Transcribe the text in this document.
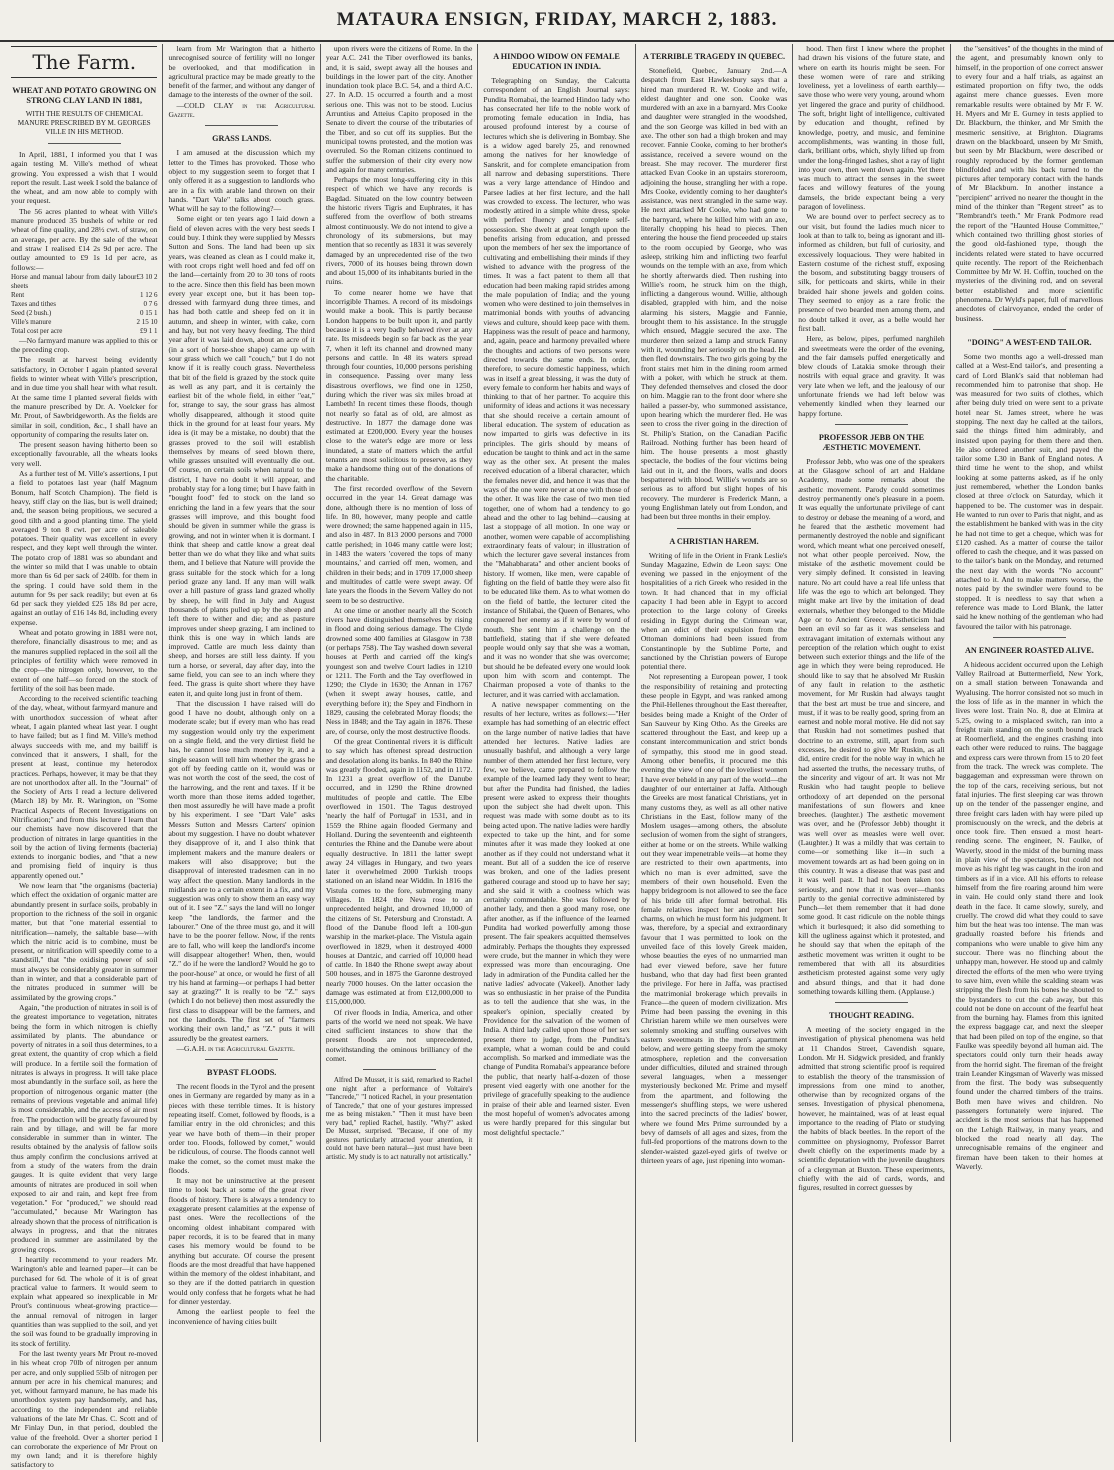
MATAURA ENSIGN, FRIDAY, MARCH 2, 1883.
The Farm.
WHEAT AND POTATO GROWING ON STRONG CLAY LAND IN 1881,
WITH THE RESULTS OF CHEMICAL MANURE PRESCRIBED BY M. GEORGES VILLE IN HIS METHOD.

In April, 1881, I informed you that I was again testing M. Ville's method of wheat growing. You expressed a wish that I would report the result. Last week I sold the balance of the wheat, and am now able to comply with your request.

The 56 acres planted to wheat with Ville's manure produced 35 bushels of white or red wheat of fine quality, and 28½ cwt. of straw, on an average, per acre. By the sale of the wheat and straw I realised £14 2s 9d per acre. The outlay amounted to £9 1s 1d per acre, as follows:—

Horse and manual labour from daily labour sheets
£3 10 2
Rent	1 12 6
Taxes and tithes	0 7 6
Seed (2 bush.)	0 15 1
Ville's manure	2 15 10
Total cost per acre	£9 1 1

—No farmyard manure was applied to this or the preceding crop.

The result at harvest being evidently satisfactory, in October I again planted several fields to winter wheat with Ville's prescription, and in due time you shall hear with what result. At the same time I planted several fields with the manure prescribed by Dr. A. Voelcker for Mr. Prout, of Sawbridgeworth. As the fields are similar in soil, condition, &c., I shall have an opportunity of comparing the results later on.

The present season having hitherto been so exceptionally favourable, all the wheats looks very well.

As a further test of M. Ville's assertions, I put a field to potatoes last year (half Magnum Bonum, half Scotch Champion). The field is heavy, stiff clay on the lias, but is well drained; and, the season being propitious, we secured a good tilth and a good planting time. The yield averaged 9 ton 8 cwt. per acre of saleable potatoes. Their quality was excellent in every respect, and they kept well through the winter. The potato crop of 1881 was so abundant and the winter so mild that I was unable to obtain more than 6s 6d per sack of 240lb. for them in the spring. I could have sold them in the autumn for 9s per sack readily; but even at 6s 6d per sack they yielded £25 18s 8d per acre, against an outlay of £16 14s 8d, including every expense.

Wheat and potato growing in 1881 were not, therefore, financially disastrous to me; and as the manures supplied replaced in the soil all the principles of fertility which were removed in the crop—the nitrogen only, however, to the extent of one half—so forced on the stock of fertility of the soil has been made.

According to the received scientific teaching of the day, wheat, without farmyard manure and with unorthodox succession of wheat after wheat, I again planted wheat last year. I ought to have failed; but as I find M. Ville's method always succeeds with me, and my bailiff is convinced that it answers, I shall, for the present at least, continue my heterodox practices. Perhaps, however, it may be that they are not unorthodox after all. In the "Journal" of the Society of Arts I read a lecture delivered (March 18) by Mr. R. Warington, on "Some Practical Aspects of Recent Investigations on Nitrification;" and from this lecture I learn that our chemists have now discovered that the production of nitrates in large quantities in the soil by the action of living ferments (bacteria) extends to inorganic bodies, and "that a new and promising field of inquiry is thus apparently opened out."

We now learn that "the organisms (bacteria) which effect the oxidation of organic matter are abundantly present in surface soils, probably in proportion to the richness of the soil in organic matter, but that "one material essential to nitrification—namely, the saltable base—with which the nitric acid is to combine, must be present, or nitrification will speedily come to a standstill," that "the oxidising power of soil must always be considerably greater in summer than in winter, and that a considerable part of the nitrates produced in summer will be assimilated by the growing crops."

Again, "the production of nitrates in soil is of the greatest importance to vegetation, nitrates being the form in which nitrogen is chiefly assimilated by plants. The abundance or poverty of nitrates in a soil thus determines, to a great extent, the quantity of crop which a field will produce. In a fertile soil the formation of nitrates is always in progress. It will take place most abundantly in the surface soil, as here the proportion of nitrogenous organic matter (the remains of previous vegetable and animal life) is most considerable, and the access of air most free. The production will be greatly favoured by rain and by tillage, and will be far more considerable in summer than in winter. The results obtained by the analysis of fallow soils thus amply confirm the conclusions arrived at from a study of the waters from the drain gauges. It is quite evident that very large amounts of nitrates are produced in soil when exposed to air and rain, and kept free from vegetation." For "produced," we should read "accumulated," because Mr Warington has already shown that the process of nitrification is always in progress, and that the nitrates produced in summer are assimilated by the growing crops.

I heartily recommend to your readers Mr. Warington's able and learned paper—it can be purchased for 6d. The whole of it is of great practical value to farmers. It would seem to explain what appeared so inexplicable in Mr Prout's continuous wheat-growing practice—the annual removal of nitrogen in larger quantities than was supplied to the soil, and yet the soil was found to be gradually improving in its stock of fertility.

For the last twenty years Mr Prout re-moved in his wheat crop 70lb of nitrogen per annum per acre, and only supplied 55lb of nitrogen per annum per acre in his chemical manures; and yet, without farmyard manure, he has made his unorthodox system pay handsomely, and has, according to the independent and reliable valuations of the late Mr Chas. C. Scott and of Mr Finlay Dun, in that period, doubled the value of the freehold. Over a shorter period I can corroborate the experience of Mr Prout on my own land; and it is therefore highly satisfactory to

learn from Mr Warington that a hitherto unrecognised source of fertility will no longer be overlooked, and that modification in agricultural practice may be made greatly to the benefit of the farmer, and without any danger of damage to the interests of the owner of the soil.

—COLD CLAY in the Agricultural Gazette.

GRASS LANDS.

I am amused at the discussion which my letter to the Times has provoked. Those who object to my suggestion seem to forget that I only offered it as a suggestion to landlords who are in a fix with arable land thrown on their hands. "Dart Vale" talks about couch grass. What will he say to the following?—

Some eight or ten years ago I laid down a field of eleven acres with the very best seeds I could buy. I think they were supplied by Messrs Sutton and Sons. The land had been up six years, was cleaned as clean as I could make it, with root crops right well hoed and fed off on the land—certainly from 20 to 30 tons of roots to the acre. Since then this field has been mown every year except one, but it has been top-dressed with farmyard dung three times, and has had both cattle and sheep fed on it in autumn, and sheep in winter, with cake, corn and hay, but not very heavy feeding. The third year after it was laid down, about an acre of it (in a sort of horse-shoe shape) came up with sour grass which we call "couch," but I do not know if it is really couch grass. Nevertheless that bit of the field is grazed by the stock quite as well as any part, and it is certainly the earliest bit of the whole field, in either "eat," for, strange to say, the sour grass has almost wholly disappeared, although it stood quite thick in the ground for at least four years. My idea is (it may be a mistake, no doubt) that the grasses proved to the soil will establish themselves by means of seed blown there, while grasses unsuited will eventually die out. Of course, on certain soils when natural to the district, I have no doubt it will appear, and probably stay for a long time; but I have faith in "bought food" fed to stock on the land so enriching the land in a few years that the sour grasses will improve, and this bought food should be given in summer while the grass is growing, and not in winter when it is dormant. I think that sheep and cattle know a great deal better than we do what they like and what suits them, and I believe that Nature will provide the grass suitable for the stock which for a long period graze any land. If any man will walk over a hill pasture of grass land grazed wholly by sheep, he will find in July and August thousands of plants pulled up by the sheep and left there to wither and die; and as pasture improves under sheep grazing, I am inclined to think this is one way in which lands are improved. Cattle are much less dainty than sheep, and horses are still less dainty. If you turn a horse, or several, day after day, into the same field, you can see to an inch where they feed. The grass is quite short where they have eaten it, and quite long just in front of them.

That the discussion I have raised will do good I have no doubt, although only on a moderate scale; but if every man who has read my suggestion would only try the experiment on a single field, and the very dirtiest field he has, he cannot lose much money by it, and a single season will tell him whether the grass he got off by feeding cattle on it, would was or was not worth the cost of the seed, the cost of the harrowing, and the rent and taxes. If it be worth more than those items added together, then most assuredly he will have made a profit by his experiment. I see "Dart Vale" asks Messrs Sutton and Messrs Carters' opinion about my suggestion. I have no doubt whatever they disapprove of it, and I also think that implement makers and the manure dealers or makers will also disapprove; but the disapproval of interested tradesmen can in no way affect the question. Many landlords in the midlands are to a certain extent in a fix, and my suggestion was only to show them an easy way out of it. I see "Z." says the land will no longer keep "the landlords, the farmer and the labourer." One of the three must go, and it will have to be the poorer fellow. Now, if the rents are to fall, who will keep the landlord's income will disappear altogether! When, then, would "Z." do if he were the landlord? Would he go to the poor-house" at once, or would he first of all try his hand at farming—or perhaps I had better say at grazing?" It is really to be "Z." says (which I do not believe) then most assuredly the first class to disappear will be the farmers, and not the landlords. The first set of "farmers working their own land," as "Z." puts it will assuredly be the greatest earners.

—G.A.H. in the Agricultural Gazette.

BYPAST FLOODS.

The recent floods in the Tyrol and the present ones in Germany are regarded by many as in a pieces with these terrible times. It is history repeating itself. Comet, followed by floods, is a familiar entry in the old chronicles; and this year we have both of them—in their proper order too. Floods, followed by comet," would be ridiculous, of course. The floods cannot well make the comet, so the comet must make the floods.

It may not be uninstructive at the present time to look back at some of the great river floods of history. There is always a tendency to exaggerate present calamities at the expense of past ones. Were the recollections of the oncoming oldest inhabitant compared with paper records, it is to be feared that in many cases his memory would be found to be anything but accurate. Of course the present floods are the most dreadful that have happened within the memory of the oldest inhabitant, and so they are if the dotted patriarch in question would only confess that he forgets what he had for dinner yesterday.

Among the earliest people to feel the inconvenience of having cities built

upon rivers were the citizens of Rome. In the year A.C. 241 the Tiber overflowed its banks, and, it is said, swept away all the houses and buildings in the lower part of the city. Another inundation took place B.C. 54, and a third A.C. 27. In A.D. 15 occurred a fourth and a most serious one. This was not to be stood. Lucius Arruntius and Atteius Capito proposed in the Senate to divert the course of the tributaries of the Tiber, and so cut off its supplies. But the municipal towns protested, and the motion was overruled. So the Roman citizens continued to suffer the submersion of their city every now and again for many centuries.

Perhaps the most long-suffering city in this respect of which we have any records is Bagdad. Situated on the low country between the historic rivers Tigris and Euphrates, it has suffered from the overflow of both streams almost continuously. We do not intend to give a chronology of its submersions, but may mention that so recently as 1831 it was severely damaged by an unprecedented rise of the two rivers, 7000 of its houses being thrown down and about 15,000 of its inhabitants buried in the ruins.

To come nearer home we have that incorrigible Thames. A record of its misdoings would make a book. This is partly because London happens to be built upon it, and partly because it is a very badly behaved river at any rate. Its misdeeds begin so far back as the year 7, when it left its channel and drowned many persons and cattle. In 48 its waters spread through four counties, 10,000 persons perishing in consequence. Passing over many less disastrous overflows, we find one in 1250, during which the river was six miles broad at Lambeth! In recent times these floods, though not nearly so fatal as of old, are almost as destructive. In 1877 the damage done was estimated at £200,000. Every year the houses close to the water's edge are more or less inundated, a state of matters which the artful tenants are most solicitous to preserve, as they make a handsome thing out of the donations of the charitable.

The first recorded overflow of the Severn occurred in the year 14. Great damage was done, although there is no mention of loss of life. In 80, however, many people and cattle were drowned; the same happened again in 115, and also in 487. In 813 2000 persons and 7000 cattle perished; in 1046 many cattle were lost; in 1483 the waters 'covered the tops of many mountains,' and carried off men, women, and children in their beds; and in 1709 17,000 sheep and multitudes of cattle were swept away. Of late years the floods in the Severn Valley do not seem to be so destructive.

At one time or another nearly all the Scotch rivers have distinguished themselves by rising in flood and doing serious damage. The Clyde drowned some 400 families at Glasgow in 738 (or perhaps 758). The Tay washed down several houses at Perth and carried off the king's youngest son and twelve Court ladies in 1210 or 1211. The Forth and the Tay overflowed in 1290; the Clyde in 1630; the Annan in 1767 (when it swept away houses, cattle, and everything before it); the Spey and Findhorn in 1829, causing the celebrated Moray floods; the Ness in 1848; and the Tay again in 1876. These are, of course, only the most destructive floods.

Of the great Continental rivers it is difficult to say which has oftenest spread destruction and desolation along its banks. In 840 the Rhine was greatly flooded, again in 1152, and in 1172. In 1231 a great overflow of the Danube occurred, and in 1290 the Rhine drowned multitudes of people and cattle. The Elbe overflowed in 1501. The Tagus destroyed 'nearly the half of Portugal' in 1531, and in 1559 the Rhine again flooded Germany and Holland. During the seventeenth and eighteenth centuries the Rhine and the Danube were about equally destructive. In 1811 the latter swept away 24 villages in Hungary, and two years later it overwhelmed 2000 Turkish troops stationed on an island near Widdin. In 1816 the Vistula comes to the fore, submerging many villages. In 1824 the Neva rose to an unprecedented height, and drowned 10,000 of the citizens of St. Petersburg and Cronstadt. A flood of the Danube flood left a 100-gun warship in the market-place. The Vistula again overflowed in 1829, when it destroyed 4000 houses at Dantzic, and carried off 10,000 head of cattle. In 1840 the Rhone swept away about 500 houses, and in 1875 the Garonne destroyed nearly 7000 houses. On the latter occasion the damage was estimated at from £12,000,000 to £15,000,000.

Of river floods in India, America, and other parts of the world we need not speak. We have cited sufficient instances to show that the present floods are not unprecedented, notwithstanding the ominous brilliancy of the comet.

Alfred De Musset, it is said, remarked to Rachel one night after a performance of Voltaire's "Tancrede," "I noticed Rachel, in your presentation of Tancrede," that one of your gestures impressed me as being mistaken." "Then it must have been very bad," replied Rachel, hastily. "Why?" asked De Musset, surprised. "Because, if one of my gestures particularly attracted your attention, it could not have been natural—just must have been artistic. My study is to act naturally not artistically."

A HINDOO WIDOW ON FEMALE EDUCATION IN INDIA.

Telegraphing on Sunday, the Calcutta correspondent of an English Journal says: Pundita Romabai, the learned Hindoo lady who has consecrated her life to the noble work of promoting female education in India, has aroused profound interest by a course of lectures which she is delivering in Bombay. She is a widow aged barely 25, and renowned among the natives for her knowledge of Sanskrit, and for complete emancipation from all narrow and debasing superstitions. There was a very large attendance of Hindoo and Parsee ladies at her first lecture, and the hall was crowded to excess. The lecturer, who was modestly attired in a simple white dress, spoke with perfect fluency and complete self-possession. She dwelt at great length upon the benefits arising from education, and pressed upon the members of her sex the importance of cultivating and embellishing their minds if they wished to advance with the progress of the times. It was a fact patent to them all that education had been making rapid strides among the male population of India; and the young women who were destined to join themselves in matrimonial bonds with youths of advancing views and culture, should keep pace with them. Happiness was the result of peace and harmony, and, again, peace and harmony prevailed where the thoughts and actions of two persons were directed towards the same ends. In order, therefore, to secure domestic happiness, which was in itself a great blessing, it was the duty of every female to conform her habits and ways of thinking to that of her partner. To acquire this uniformity of ideas and actions it was necessary that she should receive a certain amount of liberal education. The system of education as now imparted to girls was defective in its principles. The girls should by means of education be taught to think and act in the same way as the other sex. At present the males received education of a liberal character, which the females never did, and hence it was that the ways of the one were never at one with those of the other. It was like the case of two men tied together, one of whom had a tendency to go ahead and the other to lag behind—causing at last a stoppage of all motion. In one way or another, women were capable of accomplishing extraordinary feats of valour; in illustration of which the lecturer gave several instances from the "Mahabharata" and other ancient books of history. If women, like men, were capable of fighting on the field of battle they were also fit to be educated like them. As to what women do on the field of battle, the lecturer cited the instance of Shilabai, the Queen of Benares, who conquered her enemy as if it were by word of mouth. She sent him a challenge on the battlefield, stating that if she were defeated people would only say that she was a woman, and it was no wonder that she was overcome; but should he be defeated every one would look upon him with scorn and contempt. The Chairman proposed a vote of thanks to the lecturer, and it was carried with acclamation.

A native newspaper commenting on the results of her lecture, writes as follows:—"Her example has had something of an electric effect on the large number of native ladies that have attended her lectures. Native ladies are unusually bashful, and although a very large number of them attended her first lecture, very few, we believe, came prepared to follow the example of the learned lady they went to hear; but after the Pundita had finished, the ladies present were asked to express their thoughts upon the subject she had dwelt upon. This request was made with some doubt as to its being acted upon. The native ladies were hardly expected to take up the hint, and for some minutes after it was made they looked at one another as if they could not understand what it meant. But all of a sudden the ice of reserve was broken, and one of the ladies present gathered courage and stood up to have her say; and she said it with a coolness which was certainly commendable. She was followed by another lady, and then a good many rose, one after another, as if the influence of the learned Pundita had worked powerfully among those present. The fair speakers acquitted themselves admirably. Perhaps the thoughts they expressed were crude, but the manner in which they were expressed was more than encouraging. One lady in admiration of the Pundita called her the native ladies' advocate (Vakeel). Another lady was so enthusiastic in her praise of the Pundita as to tell the audience that she was, in the speaker's opinion, specially created by Providence for the salvation of the women of India. A third lady called upon those of her sex present there to judge, from the Pundita's example, what a woman could be and could accomplish. So marked and immediate was the change of Pundita Romabai's appearance before the public, that nearly half-a-dozen of those present vied eagerly with one another for the privilege of gracefully speaking to the audience in praise of their able and learned sister. Even the most hopeful of women's advocates among us were hardly prepared for this singular but most delightful spectacle."

A TERRIBLE TRAGEDY IN QUEBEC.

Stonefield, Quebec, January 2nd.—A despatch from East Hawkesbury says that a hired man murdered R. W. Cooke and wife, eldest daughter and one son. Cooke was murdered with an axe in a barnyard. Mrs Cooke and daughter were strangled in the woodshed, and the son George was killed in bed with an axe. The other son had a thigh broken and may recover. Fannie Cooke, coming to her brother's assistance, received a severe wound on the breast. She may recover. The murderer first attacked Evan Cooke in an upstairs storeroom, adjoining the house, strangling her with a rope. Mrs Cooke, evidently coming to her daughter's assistance, was next strangled in the same way. He next attacked Mr Cooke, who had gone to the barnyard, where he killed him with an axe, literally chopping his head to pieces. Then entering the house the fiend proceeded up stairs to the room occupied by George, who was asleep, striking him and inflicting two fearful wounds on the temple with an axe, from which he shortly afterwards died. Then rushing into Willie's room, he struck him on the thigh, inflicting a dangerous wound. Willie, although disabled, grappled with him, and the noise alarming his sisters, Maggie and Fannie, brought them to his assistance. In the struggle which ensued, Maggie secured the axe. The murderer then seized a lamp and struck Fanny with it, wounding her seriously on the head. He then fled downstairs. The two girls going by the front stairs met him in the dining room armed with a poker, with which he struck at them. They defended themselves and closed the door on him. Maggie ran to the front door where she hailed a passer-by, who summoned assistance, upon hearing which the murderer fled. He was seen to cross the river going in the direction of St. Philip's Station, on the Canadian Pacific Railroad. Nothing further has been heard of him. The house presents a most ghastly spectacle, the bodies of the four victims being laid out in it, and the floors, walls and doors bespattered with blood. Willie's wounds are so serious as to afford but slight hopes of his recovery. The murderer is Frederick Mann, a young Englishman lately out from London, and had been but three months in their employ.

A CHRISTIAN HAREM.

Writing of life in the Orient in Frank Leslie's Sunday Magazine, Edwin de Leon says: One evening we passed in the enjoyment of the hospitalities of a rich Greek who resided in the town. It had chanced that in my official capacity I had been able in Egypt to accord protection to the large colony of Greeks residing in Egypt during the Crimean war, when an edict of their expulsion from the Ottoman dominions had been issued from Constantinople by the Sublime Porte, and sanctioned by the Christian powers of Europe potential there.

Not representing a European power, I took the responsibility of retaining and protecting these people in Egypt, and was ranked among the Phil-Hellenes throughout the East thereafter, besides being made a Knight of the Order of San Sauveur by King Otho. As the Greeks are scattered throughout the East, and keep up a constant intercommunication and strict bonds of sympathy, this stood me in good stead. Among other benefits, it procured me this evening the view of one of the loveliest women I have ever beheld in any part of the world—the daughter of our entertainer at Jaffa. Although the Greeks are most fanatical Christians, yet in many customs they, as well as all other native Christians in the East, follow many of the Moslem usages—among others, the absolute seclusion of women from the sight of strangers, either at home or on the streets. While walking out they wear impenetrable veils—at home they are restricted to their own apartments, into which no man is ever admitted, save the members of their own household. Even the happy bridegroom is not allowed to see the face of his bride till after formal betrothal. His female relatives inspect her and report her charms, on which he must form his judgment. It was, therefore, by a special and extraordinary favour that I was permitted to look on the unveiled face of this lovely Greek maiden, whose beauties the eyes of no unmarried man had ever viewed before, save her future husband, who that day had first been granted the privilege. For here in Jaffa, was practised the matrimonial brokerage which prevails in France—the queen of modern civilization. Mrs Prime had been passing the evening in this Christian harem while we men ourselves were solemnly smoking and stuffing ourselves with eastern sweetmeats in the men's apartment below, and were getting sleepy from the smoky atmosphere, repletion and the conversation under difficulties, diluted and strained through several languages, when a messenger mysteriously beckoned Mr. Prime and myself from the apartment, and following the messenger's shuffling steps, we were ushered into the sacred precincts of the ladies' bower, where we found Mrs Prime surrounded by a bevy of damsels of all ages and sizes, from the full-fed proportions of the matrons down to the slender-waisted gazel-eyed girls of twelve or thirteen years of age, just ripening into woman-

hood. Then first I knew where the prophet had drawn his visions of the future state, and where on earth its houris might be seen. For these women were of rare and striking loveliness, yet a loveliness of earth earthly—save those who were very young, around whom yet lingered the grace and purity of childhood. The soft, bright light of intelligence, cultivated by education and thought, refined by knowledge, poetry, and music, and feminine accomplishments, was wanting in those full, dark, brilliant orbs, which, shyly lifted up from under the long-fringed lashes, shot a ray of light into your own, then went down again. Yet there was much to attract the senses in the sweet faces and willowy features of the young damsels, the bride expectant being a very paragon of loveliness.

We are bound over to perfect secrecy as to our visit, but found the ladies much nicer to look at than to talk to, being as ignorant and ill-informed as children, but full of curiosity, and excessively loquacious. They were habited in Eastern costume of the richest stuff, exposing the bosom, and substituting baggy trousers of silk, for petticoats and skirts, while in their braided hair shone jewels and golden coins. They seemed to enjoy as a rare frolic the presence of two bearded men among them, and no doubt talked it over, as a belle would her first ball.

Here, as below, pipes, perfumed narghileh and sweetmeats were the order of the evening, and the fair damsels puffed energetically and blew clouds of Latakia smoke through their nostrils with equal grace and gravity. It was very late when we left, and the jealousy of our unfortunate friends we had left below was vehemently kindled when they learned our happy fortune.

PROFESSOR JEBB ON THE ÆSTHETIC MOVEMENT.

Professor Jebb, who was one of the speakers at the Glasgow school of art and Haldane Academy, made some remarks about the æsthetic movement. Parody could sometimes destroy permanently one's pleasure in a poem. It was equally the unfortunate privilege of cant to destroy or debase the meaning of a word, and he feared that the æsthetic movement had permanently destroyed the noble and significant word, which meant what one perceived oneself, not what other people perceived. Now, the mistake of the æsthetic movement could be very simply defined. It consisted in leaving nature. No art could have a real life unless that life was the ego to which art belonged. They might make art live by the imitation of dead externals, whether they belonged to the Middle Age or to Ancient Greece. Æstheticism had been an evil so far as it was senseless and extravagant imitation of externals without any perception of the relation which ought to exist between such exterior things and the life of the age in which they were being reproduced. He should like to say that he absolved Mr Ruskin of any fault in relation to the æsthetic movement, for Mr Ruskin had always taught that the best art must be true and sincere, and must, if it was to be really good, spring from an earnest and noble moral motive. He did not say that Ruskin had not sometimes pushed that doctrine to an extreme, still, apart from such excesses, he desired to give Mr Ruskin, as all did, entire credit for the noble way in which he had asserted the truths, the necessary truths, of the sincerity and vigour of art. It was not Mr Ruskin who had taught people to believe orthodoxy of art depended on the personal manifestations of sun flowers and knee breeches. (laughter.) The æsthetic movement was over, and he (Professor Jebb) thought it was well over as measles were well over. (Laughter.) It was a mildly that was certain to come—or something like it—in such a movement towards art as had been going on in this country. It was a disease that was past and it was well past. It had not been taken too seriously, and now that it was over—thanks partly to the genial corrective administered by Punch—let them remember that it had done some good. It cast ridicule on the noble things which it burlesqued; it also did something to kill the ugliness against which it protested, and he should say that when the epitaph of the æsthetic movement was written it ought to be remembered that with all its absurdities æstheticism protested against some very ugly and absurd things, and that it had done something towards killing them. (Applause.)

THOUGHT READING.

A meeting of the society engaged in the investigation of physical phenomena was held at 11 Chandos Street, Cavendish square, London. Mr H. Sidgwick presided, and frankly admitted that strong scientific proof is required to establish the theory of the transmission of impressions from one mind to another, otherwise than by recognized organs of the senses. Investigation of physical phenomena, however, he maintained, was of at least equal importance to the reading of Plato or studying the habits of black beetles. In the report of the committee on physiognomy, Professor Barret dwelt chiefly on the experiments made by a scientific deputation with the juvenile daughters of a clergyman at Buxton. These experiments, chiefly with the aid of cards, words, and figures, resulted in correct guesses by

the "sensitives" of the thoughts in the mind of the agent, and presumably known only to himself, in the proportion of one correct answer to every four and a half trials, as against an estimated proportion on fifty two, the odds against mere chance guesses. Even more remarkable results were obtained by Mr F. W. H. Myers and Mr E. Gurney in tests applied to Dr. Blackburn, the thinker, and Mr Smith the mesmeric sensitive, at Brighton. Diagrams drawn on the blackboard, unseen by Mr Smith, but seen by Mr Blackburn, were described or roughly reproduced by the former gentleman blindfolded and with his back turned to the pictures after temporary contact with the hands of Mr Blackburn. In another instance a "percipient" arrived no nearer the thought in the mind of the thinker than "Regent street" as to "Rembrandt's teeth." Mr Frank Podmore read the report of the "Haunted House Committee," which contained two thrilling ghost stories of the good old-fashioned type, though the incidents related were stated to have occurred quite recently. The report of the Reichenbach Committee by Mr W. H. Coffin, touched on the mysteries of the divining rod, and on several better established and more scientific phenomena. Dr Wyld's paper, full of marvellous anecdotes of clairvoyance, ended the order of business.

"DOING" A WEST-END TAILOR.

Some two months ago a well-dressed man called at a West-End tailor's, and presenting a card of Lord Blank's said that nobleman had recommended him to patronise that shop. He was measured for two suits of clothes, which after being duly tried on were sent to a private hotel near St. James street, where he was stopping. The next day he called at the tailors, said the things fitted him admirably, and insisted upon paying for them there and then. He also ordered another suit, and payed the tailor some L30 in Bank of England notes. A third time he went to the shop, and whilst looking at some patterns asked, as if he only just remembered, whether the London banks closed at three o'clock on Saturday, which it happened to be. The customer was in despair. He wanted to run over to Paris that night, and as the establishment he banked with was in the city he had not time to get a cheque, which was for £120 cashed. As a matter of course the tailor offered to cash the cheque, and it was passed on to the tailor's bank on the Monday, and returned the next day with the words "No account" attached to it. And to make matters worse, the notes paid by the swindler were found to be stopped. It is needless to say that when a reference was made to Lord Blank, the latter said he knew nothing of the gentleman who had favoured the tailor with his patronage.

AN ENGINEER ROASTED ALIVE.

A hideous accident occurred upon the Lehigh Valley Railroad at Buttermerfield, New York, on a small station between Tonawanda and Wyalusing. The horror consisted not so much in the loss of life as in the manner in which the lives were lost. Train No. 8, due at Elmira at 5.25, owing to a misplaced switch, ran into a freight train standing on the south bound track at Roomerfield, and the engines crashing into each other were reduced to ruins. The baggage and express cars were thrown from 15 to 20 feet from the track. The wreck was complete. The baggageman and expressman were thrown on the top of the cars, receiving serious, but not fatal injuries. The first sleeping car was thrown up on the tender of the passenger engine, and three freight cars laden with hay were piled up promiscuously on the wreck, and the debris at once took fire. Then ensued a most heart-rending scene. The engineer, N. Faulke, of Waverly, stood in the midst of the burning mass in plain view of the spectators, but could not move as his right leg was caught in the iron and timbers as if in a vice. All his efforts to release himself from the fire roaring around him were in vain. He could only stand there and look death in the face. It came slowly, surely, and cruelly. The crowd did what they could to save him but the heat was too intense. The man was gradually roasted before his friends and companions who were unable to give him any succour. There was no flinching about the unhappy man, however. He stood up and calmly directed the efforts of the men who were trying to save him, even while the scalding steam was stripping the flesh from his bones he shouted to the bystanders to cut the cab away, but this could not be done on account of the fearful heat from the burning hay. Flames from this ignited the express baggage car, and next the sleeper that had been piled on top of the engine, so that Faulke was speedily beyond all human aid. The spectators could only turn their heads away from the horrid sight. The fireman of the freight train Leander Kingsman of Waverly was missed from the first. The body was subsequently found under the charred timbers of the trains. Both men have wives and children. No passengers fortunately were injured. The accident is the most serious that has happened on the Lehigh Railway, in many years, and blocked the road nearly all day. The unrecognisable remains of the engineer and fireman have been taken to their homes at Waverly.
